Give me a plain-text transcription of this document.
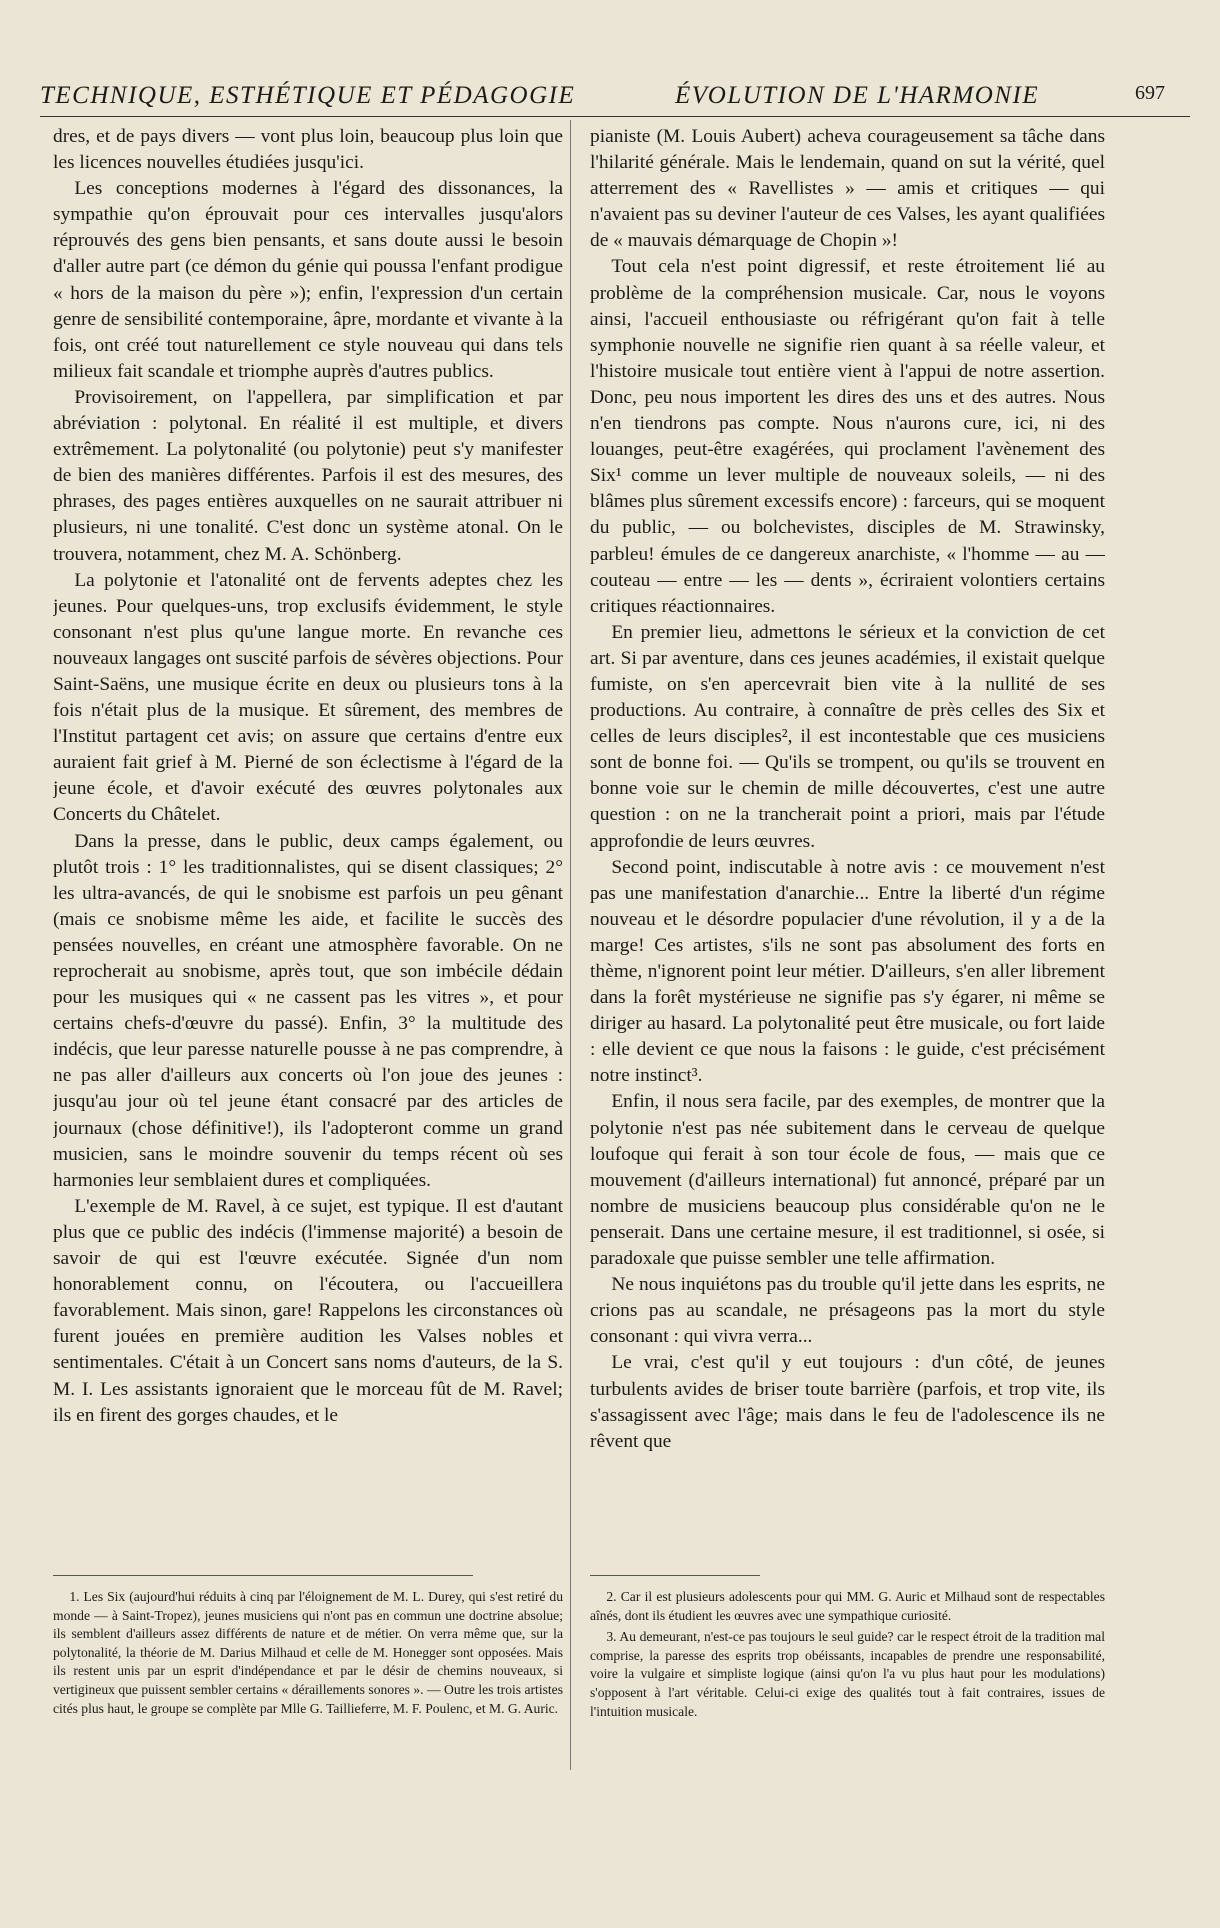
TECHNIQUE, ESTHÉTIQUE ET PÉDAGOGIE	ÉVOLUTION DE L'HARMONIE	697

dres, et de pays divers — vont plus loin, beaucoup plus loin que les licences nouvelles étudiées jusqu'ici.

Les conceptions modernes à l'égard des dissonances, la sympathie qu'on éprouvait pour ces intervalles jusqu'alors réprouvés des gens bien pensants, et sans doute aussi le besoin d'aller autre part (ce démon du génie qui poussa l'enfant prodigue « hors de la maison du père »); enfin, l'expression d'un certain genre de sensibilité contemporaine, âpre, mordante et vivante à la fois, ont créé tout naturellement ce style nouveau qui dans tels milieux fait scandale et triomphe auprès d'autres publics.

Provisoirement, on l'appellera, par simplification et par abréviation : polytonal. En réalité il est multiple, et divers extrêmement. La polytonalité (ou polytonie) peut s'y manifester de bien des manières différentes. Parfois il est des mesures, des phrases, des pages entières auxquelles on ne saurait attribuer ni plusieurs, ni une tonalité. C'est donc un système atonal. On le trouvera, notamment, chez M. A. Schönberg.

La polytonie et l'atonalité ont de fervents adeptes chez les jeunes. Pour quelques-uns, trop exclusifs évidemment, le style consonant n'est plus qu'une langue morte. En revanche ces nouveaux langages ont suscité parfois de sévères objections. Pour Saint-Saëns, une musique écrite en deux ou plusieurs tons à la fois n'était plus de la musique. Et sûrement, des membres de l'Institut partagent cet avis; on assure que certains d'entre eux auraient fait grief à M. Pierné de son éclectisme à l'égard de la jeune école, et d'avoir exécuté des œuvres polytonales aux Concerts du Châtelet.

Dans la presse, dans le public, deux camps également, ou plutôt trois : 1° les traditionnalistes, qui se disent classiques; 2° les ultra-avancés, de qui le snobisme est parfois un peu gênant (mais ce snobisme même les aide, et facilite le succès des pensées nouvelles, en créant une atmosphère favorable. On ne reprocherait au snobisme, après tout, que son imbécile dédain pour les musiques qui « ne cassent pas les vitres », et pour certains chefs-d'œuvre du passé). Enfin, 3° la multitude des indécis, que leur paresse naturelle pousse à ne pas comprendre, à ne pas aller d'ailleurs aux concerts où l'on joue des jeunes : jusqu'au jour où tel jeune étant consacré par des articles de journaux (chose définitive!), ils l'adopteront comme un grand musicien, sans le moindre souvenir du temps récent où ses harmonies leur semblaient dures et compliquées.

L'exemple de M. Ravel, à ce sujet, est typique. Il est d'autant plus que ce public des indécis (l'immense majorité) a besoin de savoir de qui est l'œuvre exécutée. Signée d'un nom honorablement connu, on l'écoutera, ou l'accueillera favorablement. Mais sinon, gare! Rappelons les circonstances où furent jouées en première audition les Valses nobles et sentimentales. C'était à un Concert sans noms d'auteurs, de la S. M. I. Les assistants ignoraient que le morceau fût de M. Ravel; ils en firent des gorges chaudes, et le

1. Les Six (aujourd'hui réduits à cinq par l'éloignement de M. L. Durey, qui s'est retiré du monde — à Saint-Tropez), jeunes musiciens qui n'ont pas en commun une doctrine absolue; ils semblent d'ailleurs assez différents de nature et de métier. On verra même que, sur la polytonalité, la théorie de M. Darius Milhaud et celle de M. Honegger sont opposées. Mais ils restent unis par un esprit d'indépendance et par le désir de chemins nouveaux, si vertigineux que puissent sembler certains « déraillements sonores ». — Outre les trois artistes cités plus haut, le groupe se complète par Mlle G. Taillieferre, M. F. Poulenc, et M. G. Auric.

pianiste (M. Louis Aubert) acheva courageusement sa tâche dans l'hilarité générale. Mais le lendemain, quand on sut la vérité, quel atterrement des « Ravellistes » — amis et critiques — qui n'avaient pas su deviner l'auteur de ces Valses, les ayant qualifiées de « mauvais démarquage de Chopin »!

Tout cela n'est point digressif, et reste étroitement lié au problème de la compréhension musicale. Car, nous le voyons ainsi, l'accueil enthousiaste ou réfrigérant qu'on fait à telle symphonie nouvelle ne signifie rien quant à sa réelle valeur, et l'histoire musicale tout entière vient à l'appui de notre assertion. Donc, peu nous importent les dires des uns et des autres. Nous n'en tiendrons pas compte. Nous n'aurons cure, ici, ni des louanges, peut-être exagérées, qui proclament l'avènement des Six¹ comme un lever multiple de nouveaux soleils, — ni des blâmes plus sûrement excessifs encore) : farceurs, qui se moquent du public, — ou bolchevistes, disciples de M. Strawinsky, parbleu! émules de ce dangereux anarchiste, « l'homme — au — couteau — entre — les — dents », écriraient volontiers certains critiques réactionnaires.

En premier lieu, admettons le sérieux et la conviction de cet art. Si par aventure, dans ces jeunes académies, il existait quelque fumiste, on s'en apercevrait bien vite à la nullité de ses productions. Au contraire, à connaître de près celles des Six et celles de leurs disciples², il est incontestable que ces musiciens sont de bonne foi. — Qu'ils se trompent, ou qu'ils se trouvent en bonne voie sur le chemin de mille découvertes, c'est une autre question : on ne la trancherait point a priori, mais par l'étude approfondie de leurs œuvres.

Second point, indiscutable à notre avis : ce mouvement n'est pas une manifestation d'anarchie... Entre la liberté d'un régime nouveau et le désordre populacier d'une révolution, il y a de la marge! Ces artistes, s'ils ne sont pas absolument des forts en thème, n'ignorent point leur métier. D'ailleurs, s'en aller librement dans la forêt mystérieuse ne signifie pas s'y égarer, ni même se diriger au hasard. La polytonalité peut être musicale, ou fort laide : elle devient ce que nous la faisons : le guide, c'est précisément notre instinct³.

Enfin, il nous sera facile, par des exemples, de montrer que la polytonie n'est pas née subitement dans le cerveau de quelque loufoque qui ferait à son tour école de fous, — mais que ce mouvement (d'ailleurs international) fut annoncé, préparé par un nombre de musiciens beaucoup plus considérable qu'on ne le penserait. Dans une certaine mesure, il est traditionnel, si osée, si paradoxale que puisse sembler une telle affirmation.

Ne nous inquiétons pas du trouble qu'il jette dans les esprits, ne crions pas au scandale, ne présageons pas la mort du style consonant : qui vivra verra...

Le vrai, c'est qu'il y eut toujours : d'un côté, de jeunes turbulents avides de briser toute barrière (parfois, et trop vite, ils s'assagissent avec l'âge; mais dans le feu de l'adolescence ils ne rêvent que

2. Car il est plusieurs adolescents pour qui MM. G. Auric et Milhaud sont de respectables aînés, dont ils étudient les œuvres avec une sympathique curiosité.

3. Au demeurant, n'est-ce pas toujours le seul guide? car le respect étroit de la tradition mal comprise, la paresse des esprits trop obéissants, incapables de prendre une responsabilité, voire la vulgaire et simpliste logique (ainsi qu'on l'a vu plus haut pour les modulations) s'opposent à l'art véritable. Celui-ci exige des qualités tout à fait contraires, issues de l'intuition musicale.
